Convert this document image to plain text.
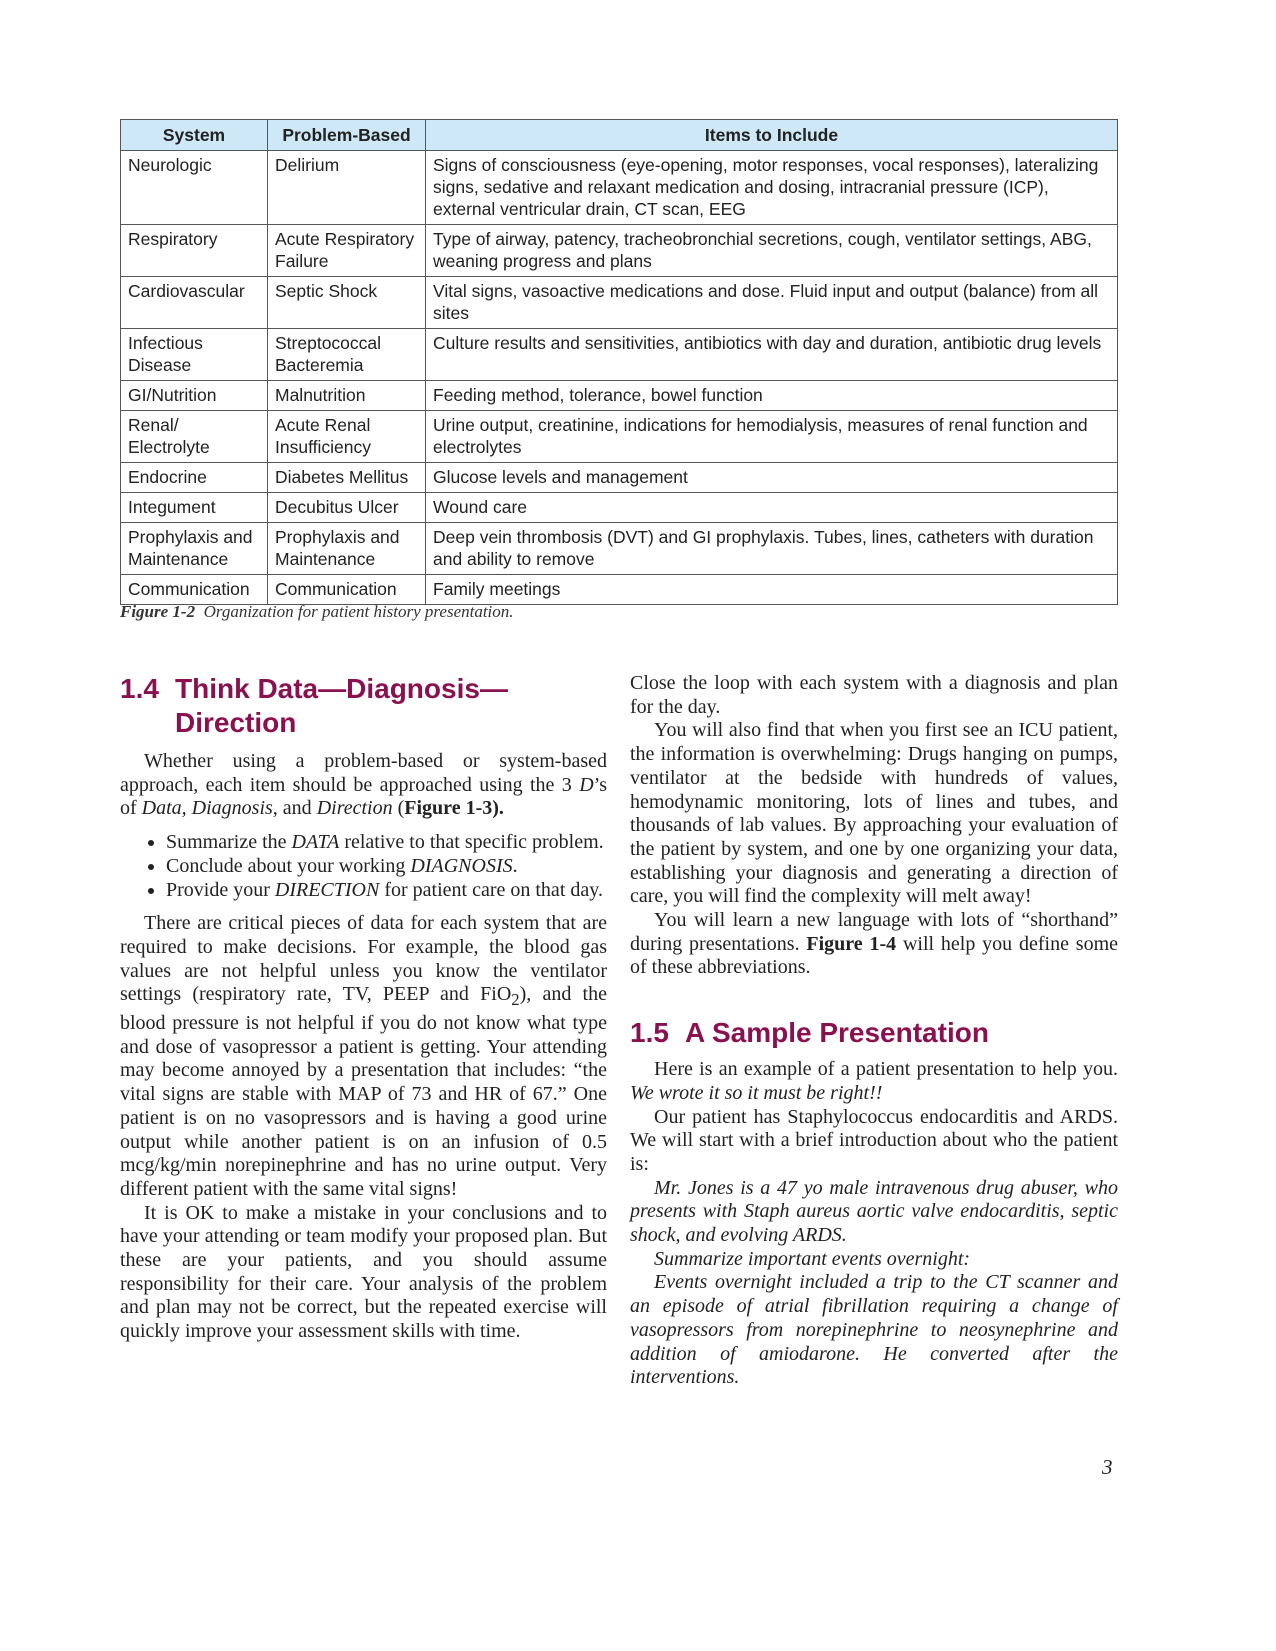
System	Problem-Based	Items to Include
Neurologic	Delirium	Signs of consciousness (eye-opening, motor responses, vocal responses), lateralizing signs, sedative and relaxant medication and dosing, intracranial pressure (ICP), external ventricular drain, CT scan, EEG
Respiratory	Acute Respiratory Failure	Type of airway, patency, tracheobronchial secretions, cough, ventilator settings, ABG, weaning progress and plans
Cardiovascular	Septic Shock	Vital signs, vasoactive medications and dose. Fluid input and output (balance) from all sites
Infectious Disease	Streptococcal Bacteremia	Culture results and sensitivities, antibiotics with day and duration, antibiotic drug levels
GI/Nutrition	Malnutrition	Feeding method, tolerance, bowel function
Renal/ Electrolyte	Acute Renal Insufficiency	Urine output, creatinine, indications for hemodialysis, measures of renal function and electrolytes
Endocrine	Diabetes Mellitus	Glucose levels and management
Integument	Decubitus Ulcer	Wound care
Prophylaxis and Maintenance	Prophylaxis and Maintenance	Deep vein thrombosis (DVT) and GI prophylaxis. Tubes, lines, catheters with duration and ability to remove
Communication	Communication	Family meetings
Figure 1-2 Organization for patient history presentation.
1.4 Think Data—Diagnosis—
Direction

Whether using a problem-based or system-based approach, each item should be approached using the 3 D’s of Data, Diagnosis, and Direction (Figure 1-3).

• Summarize the DATA relative to that specific problem.
• Conclude about your working DIAGNOSIS.
• Provide your DIRECTION for patient care on that day.

There are critical pieces of data for each system that are required to make decisions. For example, the blood gas values are not helpful unless you know the ventilator settings (respiratory rate, TV, PEEP and FiO$_2$), and the blood pressure is not helpful if you do not know what type and dose of vasopressor a patient is getting. Your attending may become annoyed by a presentation that includes: “the vital signs are stable with MAP of 73 and HR of 67.” One patient is on no vasopressors and is having a good urine output while another patient is on an infusion of 0.5 mcg/kg/min norepinephrine and has no urine output. Very different patient with the same vital signs!

It is OK to make a mistake in your conclusions and to have your attending or team modify your proposed plan. But these are your patients, and you should assume responsibility for their care. Your analysis of the problem and plan may not be correct, but the repeated exercise will quickly improve your assessment skills with time.

Close the loop with each system with a diagnosis and plan for the day.

You will also find that when you first see an ICU patient, the information is overwhelming: Drugs hanging on pumps, ventilator at the bedside with hundreds of values, hemodynamic monitoring, lots of lines and tubes, and thousands of lab values. By approaching your evaluation of the patient by system, and one by one organizing your data, establishing your diagnosis and generating a direction of care, you will find the complexity will melt away!

You will learn a new language with lots of “shorthand” during presentations. Figure 1-4 will help you define some of these abbreviations.

1.5 A Sample Presentation

Here is an example of a patient presentation to help you. We wrote it so it must be right!!

Our patient has Staphylococcus endocarditis and ARDS. We will start with a brief introduction about who the patient is:

Mr. Jones is a 47 yo male intravenous drug abuser, who presents with Staph aureus aortic valve endocarditis, septic shock, and evolving ARDS.

Summarize important events overnight:

Events overnight included a trip to the CT scanner and an episode of atrial fibrillation requiring a change of vasopressors from norepinephrine to neosynephrine and addition of amiodarone. He converted after the interventions.

3
